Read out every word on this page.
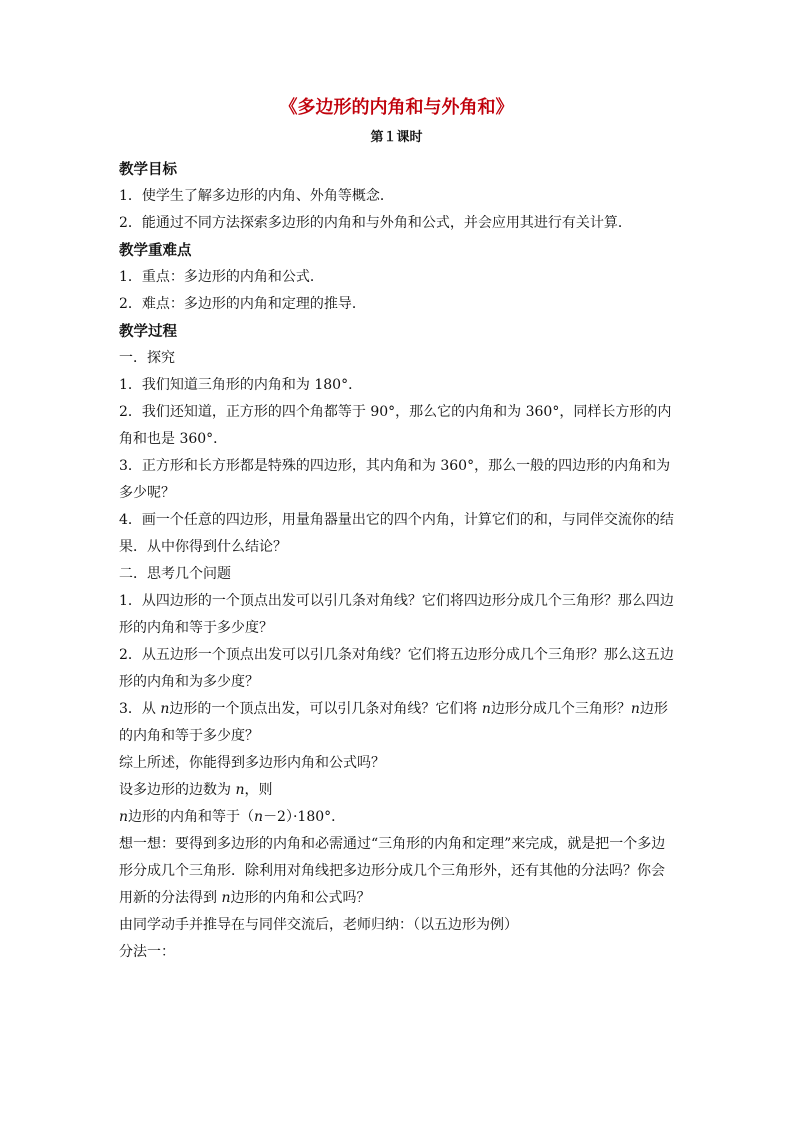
《多边形的内角和与外角和》
第１课时

教学目标

1．使学生了解多边形的内角、外角等概念．

2．能通过不同方法探索多边形的内角和与外角和公式，并会应用其进行有关计算．

教学重难点

1．重点：多边形的内角和公式．

2．难点：多边形的内角和定理的推导．

教学过程

一．探究

1．我们知道三角形的内角和为 180°．

2．我们还知道，正方形的四个角都等于 90°，那么它的内角和为 360°，同样长方形的内角和也是 360°．

3．正方形和长方形都是特殊的四边形，其内角和为 360°，那么一般的四边形的内角和为多少呢？

4．画一个任意的四边形，用量角器量出它的四个内角，计算它们的和，与同伴交流你的结果．从中你得到什么结论？

二．思考几个问题

1．从四边形的一个顶点出发可以引几条对角线？它们将四边形分成几个三角形？那么四边形的内角和等于多少度？

2．从五边形一个顶点出发可以引几条对角线？它们将五边形分成几个三角形？那么这五边形的内角和为多少度？

3．从 n边形的一个顶点出发，可以引几条对角线？它们将 n边形分成几个三角形？n边形的内角和等于多少度？

综上所述，你能得到多边形内角和公式吗？

设多边形的边数为 n，则

n边形的内角和等于（n－2）·180°．

想一想：要得到多边形的内角和必需通过“三角形的内角和定理”来完成，就是把一个多边形分成几个三角形．除利用对角线把多边形分成几个三角形外，还有其他的分法吗？你会用新的分法得到 n边形的内角和公式吗？

由同学动手并推导在与同伴交流后，老师归纳：（以五边形为例）

分法一：
